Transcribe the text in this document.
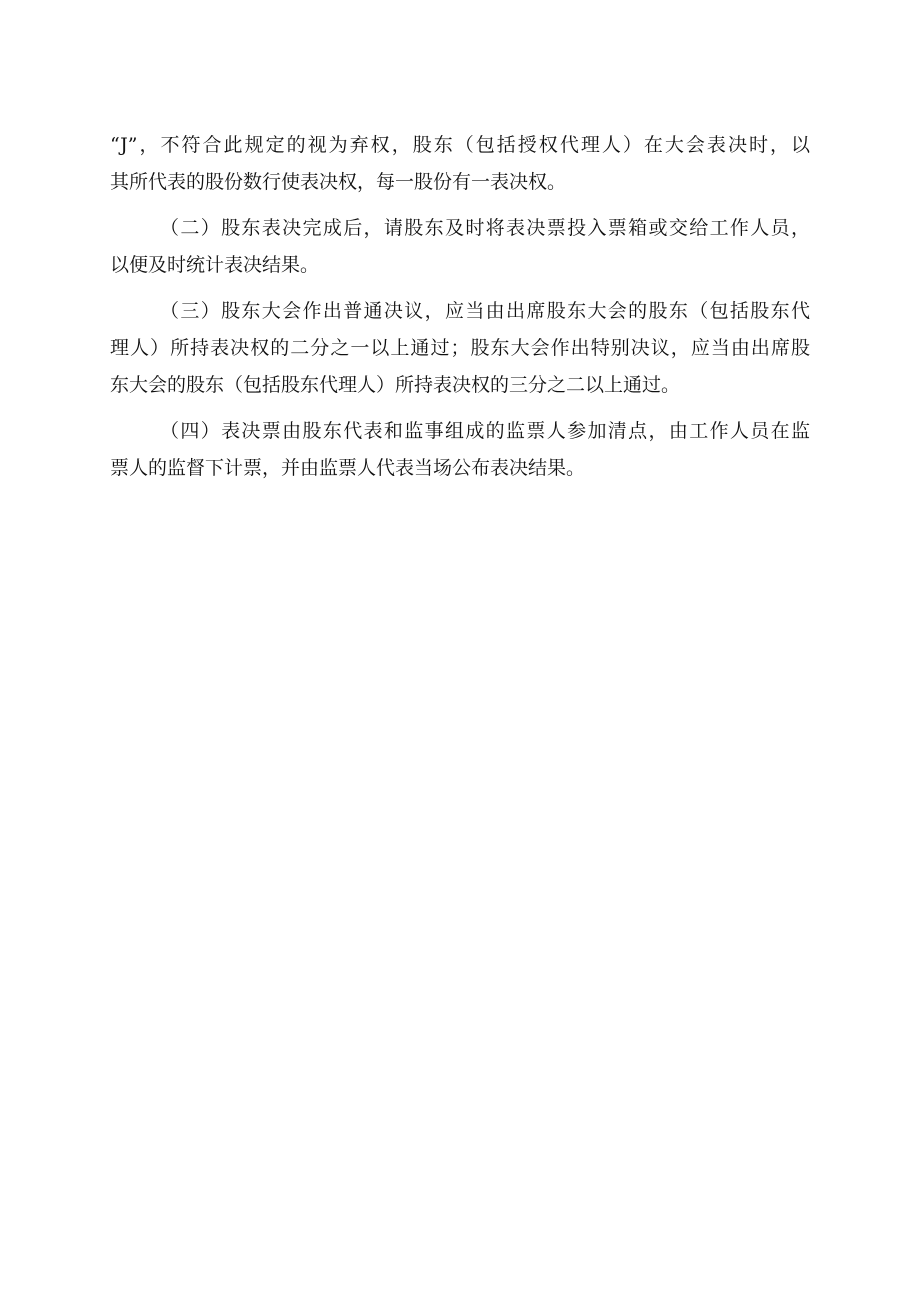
“J”，不符合此规定的视为弃权，股东（包括授权代理人）在大会表决时，以
其所代表的股份数行使表决权，每一股份有一表决权。
（二）股东表决完成后，请股东及时将表决票投入票箱或交给工作人员，
以便及时统计表决结果。
（三）股东大会作出普通决议，应当由出席股东大会的股东（包括股东代
理人）所持表决权的二分之一以上通过；股东大会作出特别决议，应当由出席股
东大会的股东（包括股东代理人）所持表决权的三分之二以上通过。
（四）表决票由股东代表和监事组成的监票人参加清点，由工作人员在监
票人的监督下计票，并由监票人代表当场公布表决结果。
